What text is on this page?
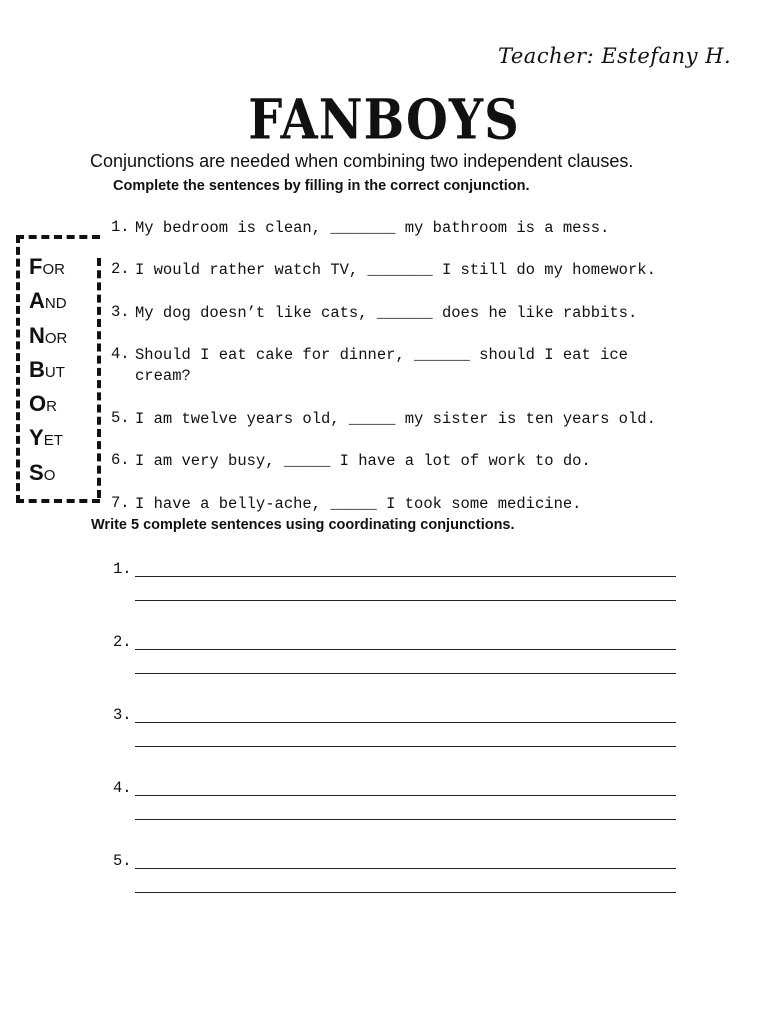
Teacher: Estefany H.
FANBOYS
Conjunctions are needed when combining two independent clauses.
Complete the sentences by filling in the correct conjunction.
FOR
AND
NOR
BUT
OR
YET
SO
1. My bedroom is clean, _______ my bathroom is a mess.
2. I would rather watch TV, _______ I still do my homework.
3. My dog doesn’t like cats, ______ does he like rabbits.
4. Should I eat cake for dinner, ______ should I eat ice cream?
5. I am twelve years old, _____ my sister is ten years old.
6. I am very busy, _____ I have a lot of work to do.
7. I have a belly-ache, _____ I took some medicine.
Write 5 complete sentences using coordinating conjunctions.
1.
2.
3.
4.
5.
